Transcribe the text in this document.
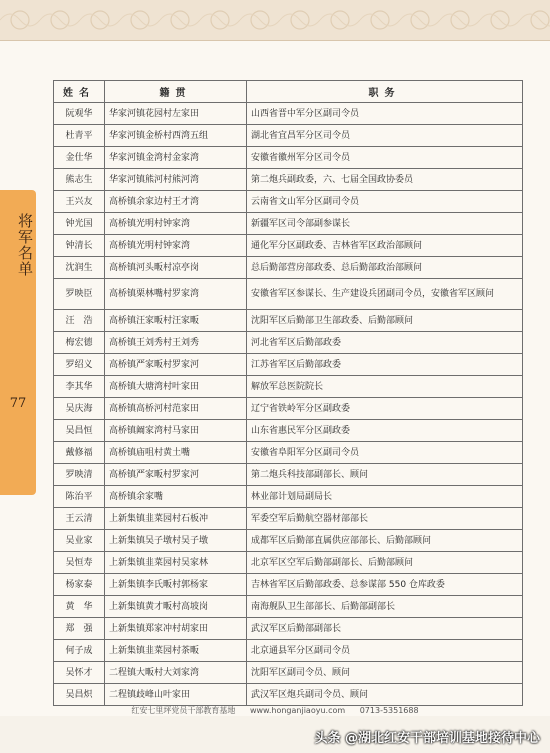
将军名单
77
姓名	籍贯	职务
阮观华	华家河镇花园村左家田	山西省晋中军分区副司令员
杜青平	华家河镇金桥村西湾五组	湖北省宜昌军分区司令员
金仕华	华家河镇金湾村金家湾	安徽省徽州军分区司令员
熊志生	华家河镇熊河村熊河湾	第二炮兵副政委，六、七届全国政协委员
王兴友	高桥镇余家边村王才湾	云南省文山军分区副司令员
钟光国	高桥镇光明村钟家湾	新疆军区司令部副参谋长
钟清长	高桥镇光明村钟家湾	通化军分区副政委、吉林省军区政治部顾问
沈润生	高桥镇河头畈村凉亭岗	总后勤部营房部政委、总后勤部政治部顾问
罗映臣	高桥镇栗林嘴村罗家湾	安徽省军区参谋长、生产建设兵团副司令员，安徽省军区顾问
汪　浩	高桥镇汪家畈村汪家畈	沈阳军区后勤部卫生部政委、后勤部顾问
梅宏德	高桥镇王刘秀村王刘秀	河北省军区后勤部政委
罗绍义	高桥镇严家畈村罗家河	江苏省军区后勤部政委
李其华	高桥镇大塘湾村叶家田	解放军总医院院长
吴庆海	高桥镇高桥河村范家田	辽宁省铁岭军分区副政委
吴昌恒	高桥镇阚家湾村马家田	山东省惠民军分区副政委
戴修福	高桥镇庙咀村黄土嘴	安徽省阜阳军分区副司令员
罗映清	高桥镇严家畈村罗家河	第二炮兵科技部副部长、顾问
陈治平	高桥镇余家嘴	林业部计划局副局长
王云清	上新集镇韭菜园村石板冲	军委空军后勤航空器材部部长
吴业家	上新集镇吴子墩村吴子墩	成都军区后勤部直属供应部部长、后勤部顾问
吴恒寿	上新集镇韭菜园村吴家林	北京军区空军后勤部副部长、后勤部顾问
杨家泰	上新集镇李氏畈村郭杨家	吉林省军区后勤部政委、总参谋部 550 仓库政委
黄　华	上新集镇黄才畈村高坡岗	南海舰队卫生部部长、后勤部副部长
郑　强	上新集镇郑家冲村胡家田	武汉军区后勤部副部长
何子成	上新集镇韭菜园村茶畈	北京通县军分区副司令员
吴怀才	二程镇大畈村大刘家湾	沈阳军区副司令员、顾问
吴昌炽	二程镇歧峰山叶家田	武汉军区炮兵副司令员、顾问
红安七里坪党员干部教育基地 www.honganjiaoyu.com 0713-5351688
头条 @湖北红安干部培训基地接待中心
